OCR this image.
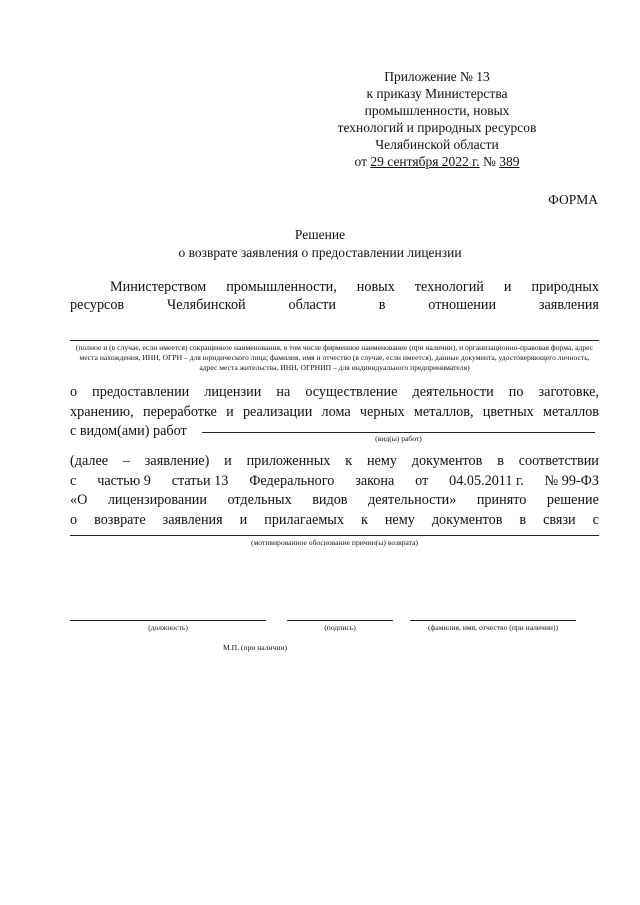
Приложение № 13
к приказу Министерства
промышленности, новых
технологий и природных ресурсов
Челябинской области
от 29 сентября 2022 г. № 389
ФОРМА
Решение
о возврате заявления о предоставлении лицензии
Министерством промышленности, новых технологий и природных
ресурсов	Челябинской	области	в	отношении	заявления
(полное и (в случае, если имеется) сокращенное наименования, в том числе фирменное наименование (при наличии), и организационно-правовая форма, адрес места нахождения, ИНН, ОГРН – для юридического лица; фамилия, имя и отчество (в случае, если имеется), данные документа, удостоверяющего личность, адрес места жительства, ИНН, ОГРНИП – для индивидуального предпринимателя)
о предоставлении лицензии на осуществление деятельности по заготовке,
хранению, переработке и реализации лома черных металлов, цветных металлов
с видом(ами) работ	(вид(ы) работ)
(далее – заявление) и приложенных к нему документов в соответствии
с частью 9 статьи 13 Федерального закона от 04.05.2011 г. № 99-ФЗ
«О лицензировании отдельных видов деятельности» принято решение
о возврате заявления и прилагаемых к нему документов в связи с
(мотивированное обоснование причин(ы) возврата)
(должность)	(подпись)	(фамилия, имя, отчество (при наличии))
М.П. (при наличии)
